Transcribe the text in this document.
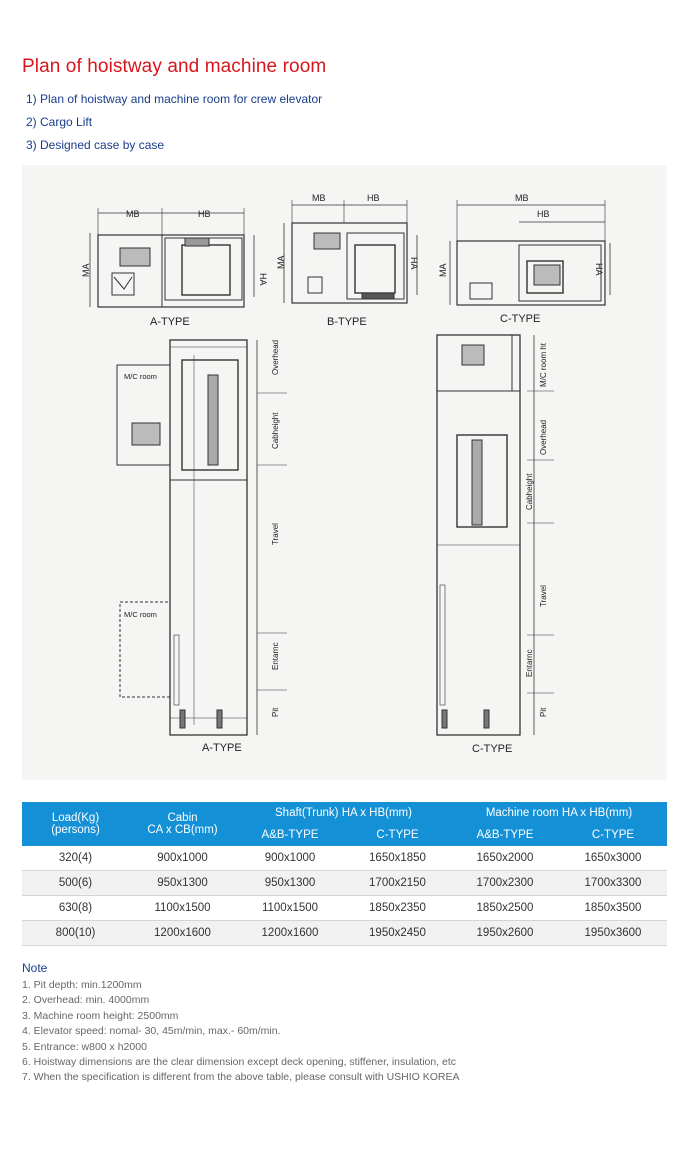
Plan of hoistway and machine room
1) Plan of hoistway and machine room for crew elevator
2) Cargo Lift
3) Designed case by case
MB	HB
MA
HA
A-TYPE
MB	HB
MA	HA
B-TYPE
MB
HB
MA	HA
C-TYPE
M/C room
M/C room
Overhead
Cabheight
Travel
Entarnc
Pit
A-TYPE
M/C room ht
Overhead
Cabheight
Travel
Entarnc
Pit
C-TYPE
Load(Kg)
(persons)	Cabin
CA x CB(mm)	Shaft(Trunk) HA x HB(mm)		Machine room HA x HB(mm)	
		A&B-TYPE	C-TYPE	A&B-TYPE	C-TYPE
320(4)	900x1000	900x1000	1650x1850	1650x2000	1650x3000
500(6)	950x1300	950x1300	1700x2150	1700x2300	1700x3300
630(8)	1100x1500	1100x1500	1850x2350	1850x2500	1850x3500
800(10)	1200x1600	1200x1600	1950x2450	1950x2600	1950x3600
Note
1. Pit depth: min.1200mm
2. Overhead: min. 4000mm
3. Machine room height: 2500mm
4. Elevator speed: nomal- 30, 45m/min, max.- 60m/min.
5. Entrance: w800 x h2000
6. Hoistway dimensions are the clear dimension except deck opening, stiffener, insulation, etc
7. When the specification is different from the above table, please consult with USHIO KOREA
